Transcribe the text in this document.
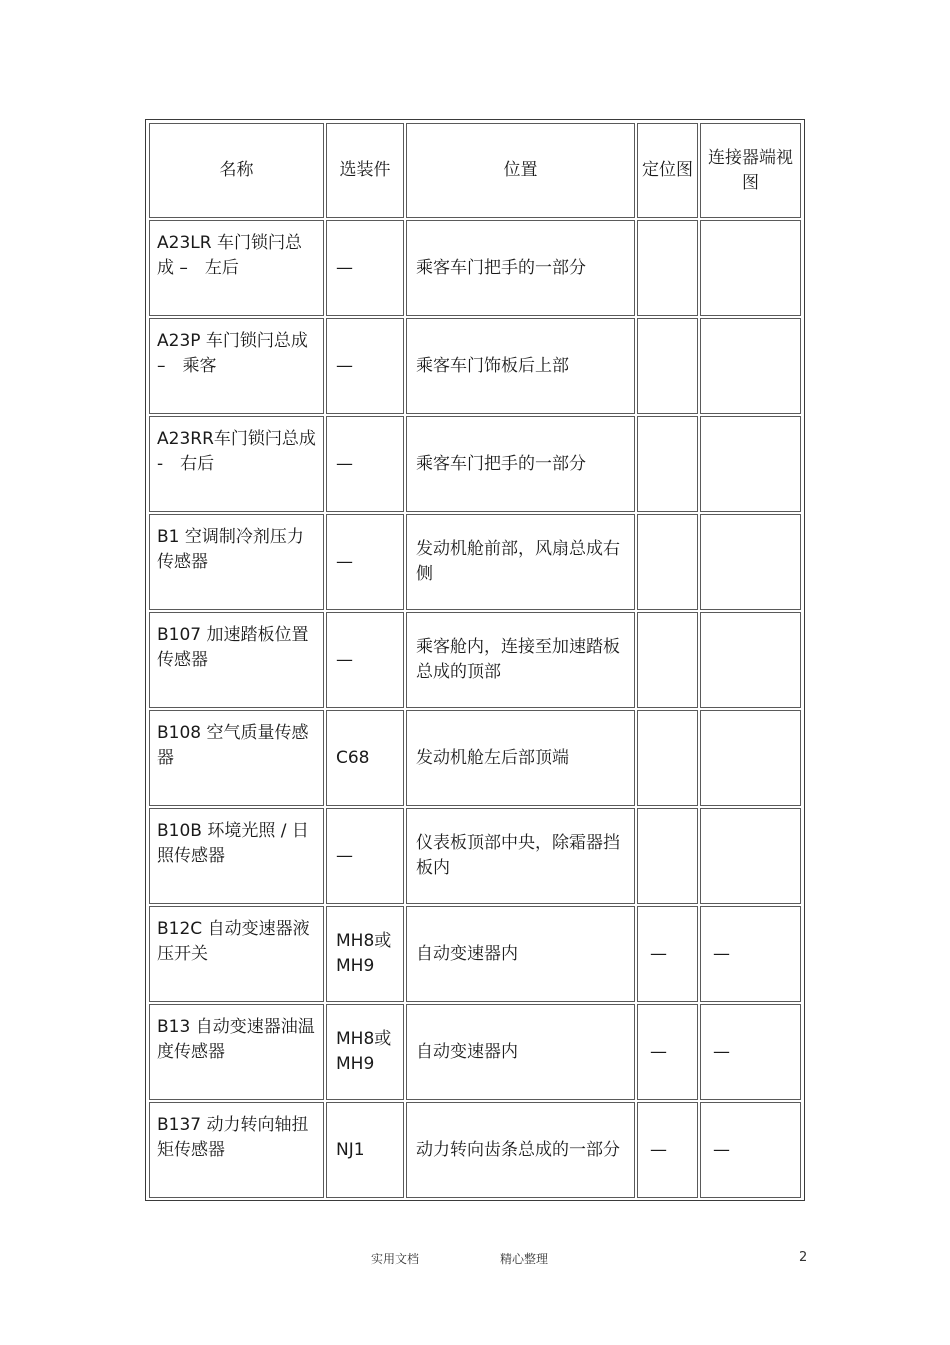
名称	选装件	位置	定位图	连接器端视图
A23LR 车门锁闩总成 –　左后	—	乘客车门把手的一部分		
A23P 车门锁闩总成 –　乘客	—	乘客车门饰板后上部		
A23RR车门锁闩总成 -　右后	—	乘客车门把手的一部分		
B1 空调制冷剂压力传感器	—	发动机舱前部，风扇总成右侧		
B107 加速踏板位置传感器	—	乘客舱内，连接至加速踏板总成的顶部		
B108 空气质量传感器	C68	发动机舱左后部顶端		
B10B 环境光照 / 日照传感器	—	仪表板顶部中央，除霜器挡板内		
B12C 自动变速器液压开关	MH8或MH9	自动变速器内	—	—
B13 自动变速器油温度传感器	MH8或MH9	自动变速器内	—	—
B137 动力转向轴扭矩传感器	NJ1	动力转向齿条总成的一部分	—	—
实用文档	精心整理	2
